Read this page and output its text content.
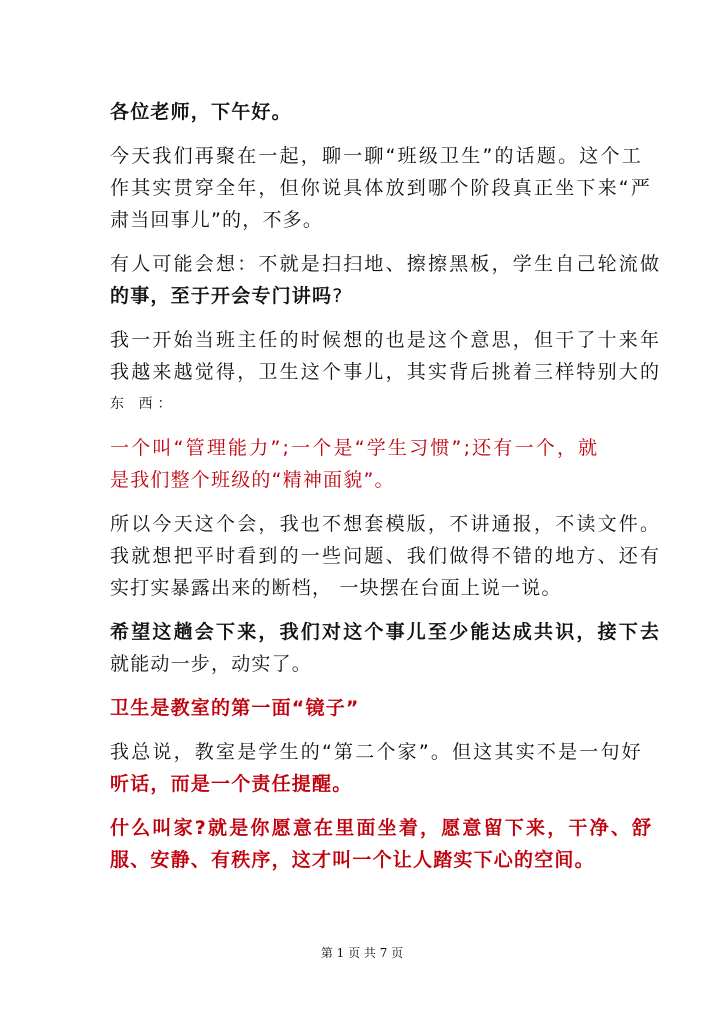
各位老师，下午好。
今天我们再聚在一起，聊一聊“班级卫生”的话题。这个工
作其实贯穿全年，但你说具体放到哪个阶段真正坐下来“严
肃当回事儿”的，不多。
有人可能会想：不就是扫扫地、擦擦黑板，学生自己轮流做
的事，至于开会专门讲吗?
我一开始当班主任的时候想的也是这个意思，但干了十来年
我越来越觉得，卫生这个事儿，其实背后挑着三样特别大的
东 西：
一个叫“管理能力”;一个是“学生习惯”;还有一个，就
是我们整个班级的“精神面貌”。
所以今天这个会，我也不想套模版，不讲通报，不读文件。
我就想把平时看到的一些问题、我们做得不错的地方、还有
实打实暴露出来的断档， 一块摆在台面上说一说。
希望这趟会下来，我们对这个事儿至少能达成共识，接下去
就能动一步，动实了。
卫生是教室的第一面“镜子”
我总说，教室是学生的“第二个家”。但这其实不是一句好
听话，而是一个责任提醒。
什么叫家?就是你愿意在里面坐着，愿意留下来，干净、舒
服、安静、有秩序，这才叫一个让人踏实下心的空间。
第 1 页 共 7 页
